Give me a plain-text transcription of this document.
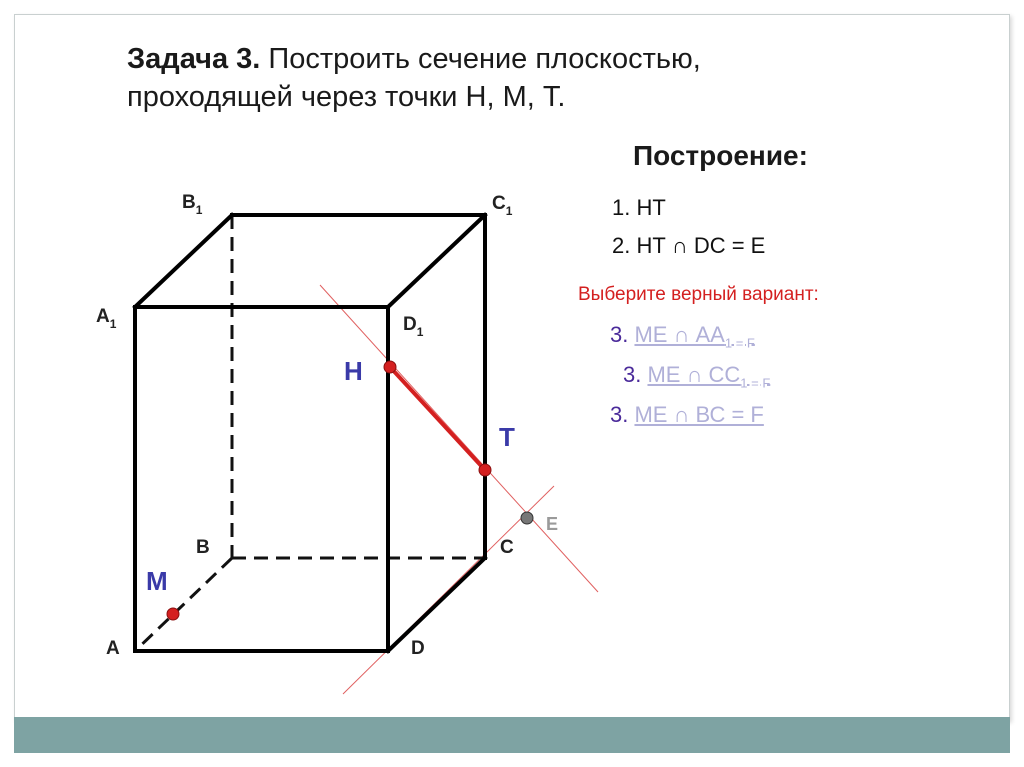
Задача 3. Построить сечение плоскостью, проходящей через точки Н, М, Т.
Построение:
1. НТ
2. НТ ∩ DC = Е
Выберите верный вариант:
3. МЕ ∩ $АА_{1 = F}$
3. МЕ ∩ $СС_{1 = F}$
3. МЕ ∩ ВС = F
$A_1$
$B_1$	$C_1$
$D_1$
B	C
A	D
Н
Т
М
Е
